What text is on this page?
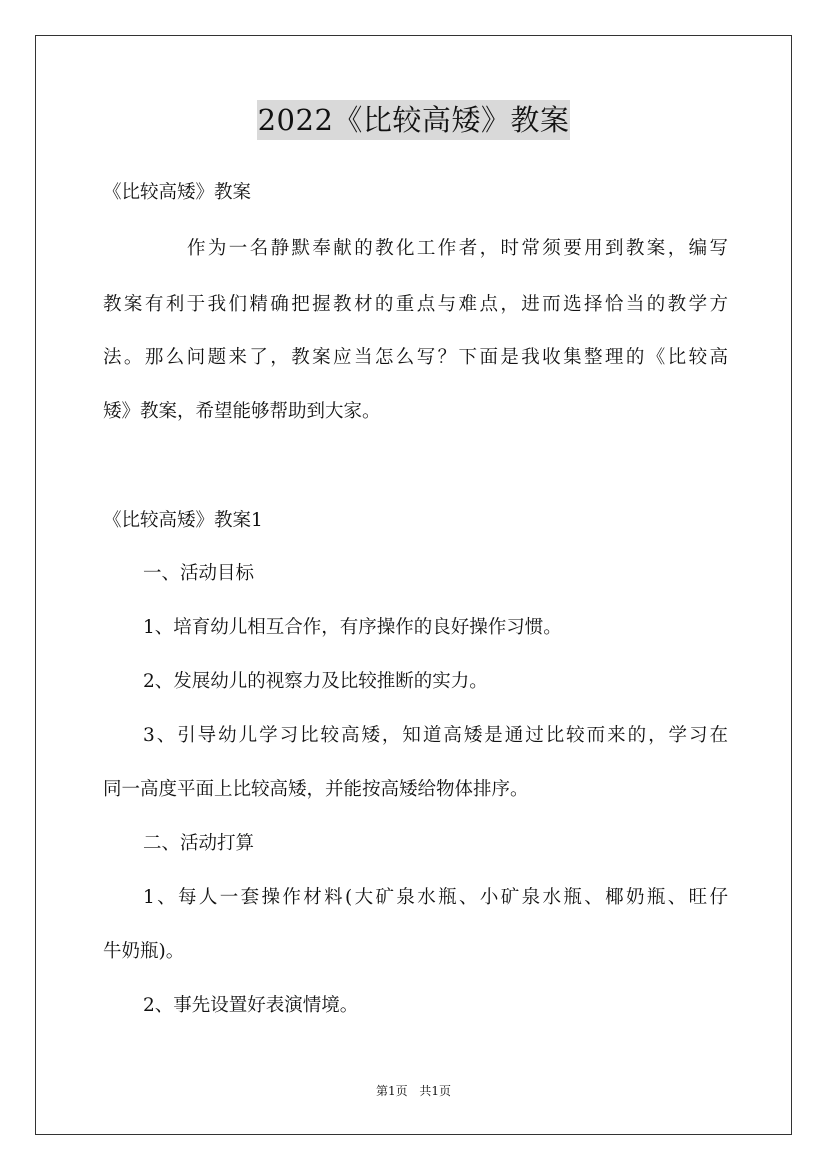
2022《比较高矮》教案
《比较高矮》教案
作为一名静默奉献的教化工作者，时常须要用到教案，编写
教案有利于我们精确把握教材的重点与难点，进而选择恰当的教学方
法。那么问题来了，教案应当怎么写？下面是我收集整理的《比较高
矮》教案，希望能够帮助到大家。
《比较高矮》教案1
一、活动目标
1、培育幼儿相互合作，有序操作的良好操作习惯。
2、发展幼儿的视察力及比较推断的实力。
3、引导幼儿学习比较高矮，知道高矮是通过比较而来的，学习在
同一高度平面上比较高矮，并能按高矮给物体排序。
二、活动打算
1、每人一套操作材料(大矿泉水瓶、小矿泉水瓶、椰奶瓶、旺仔
牛奶瓶)。
2、事先设置好表演情境。
第1页 共1页
